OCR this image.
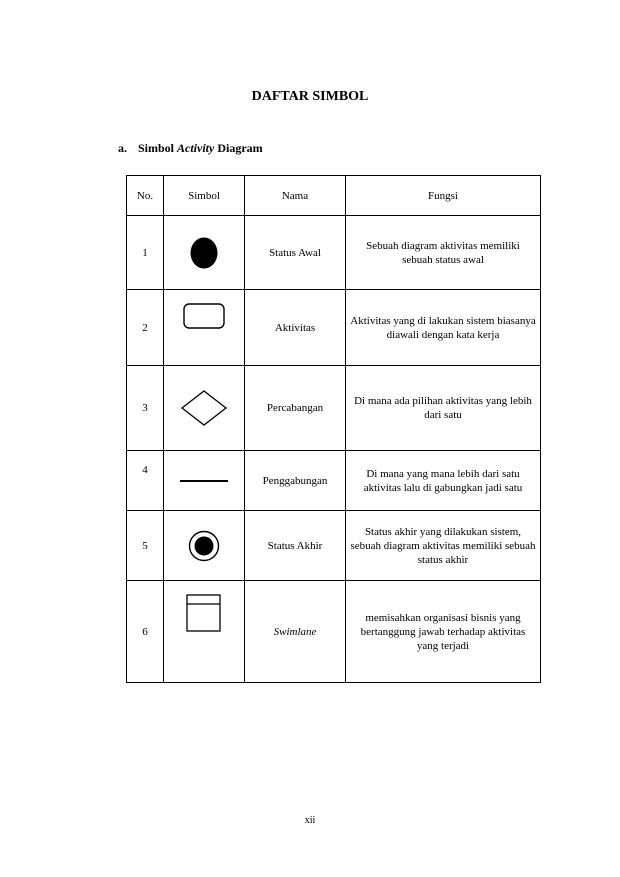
DAFTAR SIMBOL
a. Simbol Activity Diagram
No.	Simbol	Nama	Fungsi
1		Status Awal	Sebuah diagram aktivitas memiliki sebuah status awal
2		Aktivitas	Aktivitas yang di lakukan sistem biasanya diawali dengan kata kerja
3		Percabangan	Di mana ada pilihan aktivitas yang lebih dari satu
4		Penggabungan	Di mana yang mana lebih dari satu aktivitas lalu di gabungkan jadi satu
5		Status Akhir	Status akhir yang dilakukan sistem, sebuah diagram aktivitas memiliki sebuah status akhir
6		Swimlane	memisahkan organisasi bisnis yang bertanggung jawab terhadap aktivitas yang terjadi
xii
